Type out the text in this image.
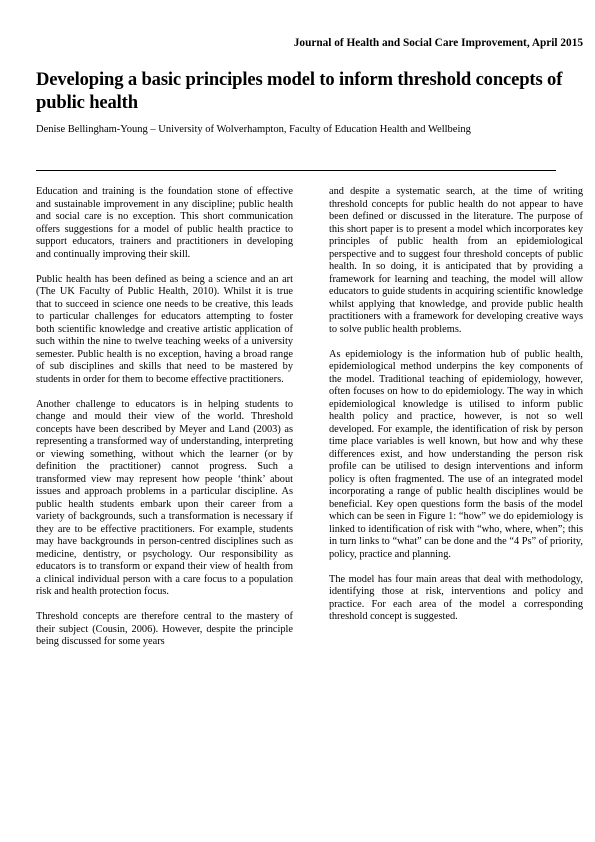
Journal of Health and Social Care Improvement, April 2015
Developing a basic principles model to inform threshold concepts of public health
Denise Bellingham-Young – University of Wolverhampton, Faculty of Education Health and Wellbeing

Education and training is the foundation stone of effective and sustainable improvement in any discipline; public health and social care is no exception. This short communication offers suggestions for a model of public health practice to support educators, trainers and practitioners in developing and continually improving their skill.

Public health has been defined as being a science and an art (The UK Faculty of Public Health, 2010). Whilst it is true that to succeed in science one needs to be creative, this leads to particular challenges for educators attempting to foster both scientific knowledge and creative artistic application of such within the nine to twelve teaching weeks of a university semester. Public health is no exception, having a broad range of sub disciplines and skills that need to be mastered by students in order for them to become effective practitioners.

Another challenge to educators is in helping students to change and mould their view of the world. Threshold concepts have been described by Meyer and Land (2003) as representing a transformed way of understanding, interpreting or viewing something, without which the learner (or by definition the practitioner) cannot progress. Such a transformed view may represent how people ‘think’ about issues and approach problems in a particular discipline. As public health students embark upon their career from a variety of backgrounds, such a transformation is necessary if they are to be effective practitioners. For example, students may have backgrounds in person-centred disciplines such as medicine, dentistry, or psychology. Our responsibility as educators is to transform or expand their view of health from a clinical individual person with a care focus to a population risk and health protection focus.

Threshold concepts are therefore central to the mastery of their subject (Cousin, 2006). However, despite the principle being discussed for some years

and despite a systematic search, at the time of writing threshold concepts for public health do not appear to have been defined or discussed in the literature. The purpose of this short paper is to present a model which incorporates key principles of public health from an epidemiological perspective and to suggest four threshold concepts of public health. In so doing, it is anticipated that by providing a framework for learning and teaching, the model will allow educators to guide students in acquiring scientific knowledge whilst applying that knowledge, and provide public health practitioners with a framework for developing creative ways to solve public health problems.

As epidemiology is the information hub of public health, epidemiological method underpins the key components of the model. Traditional teaching of epidemiology, however, often focuses on how to do epidemiology. The way in which epidemiological knowledge is utilised to inform public health policy and practice, however, is not so well developed. For example, the identification of risk by person time place variables is well known, but how and why these differences exist, and how understanding the person risk profile can be utilised to design interventions and inform policy is often fragmented. The use of an integrated model incorporating a range of public health disciplines would be beneficial. Key open questions form the basis of the model which can be seen in Figure 1: “how” we do epidemiology is linked to identification of risk with “who, where, when”; this in turn links to “what” can be done and the “4 Ps” of priority, policy, practice and planning.

The model has four main areas that deal with methodology, identifying those at risk, interventions and policy and practice. For each area of the model a corresponding threshold concept is suggested.
